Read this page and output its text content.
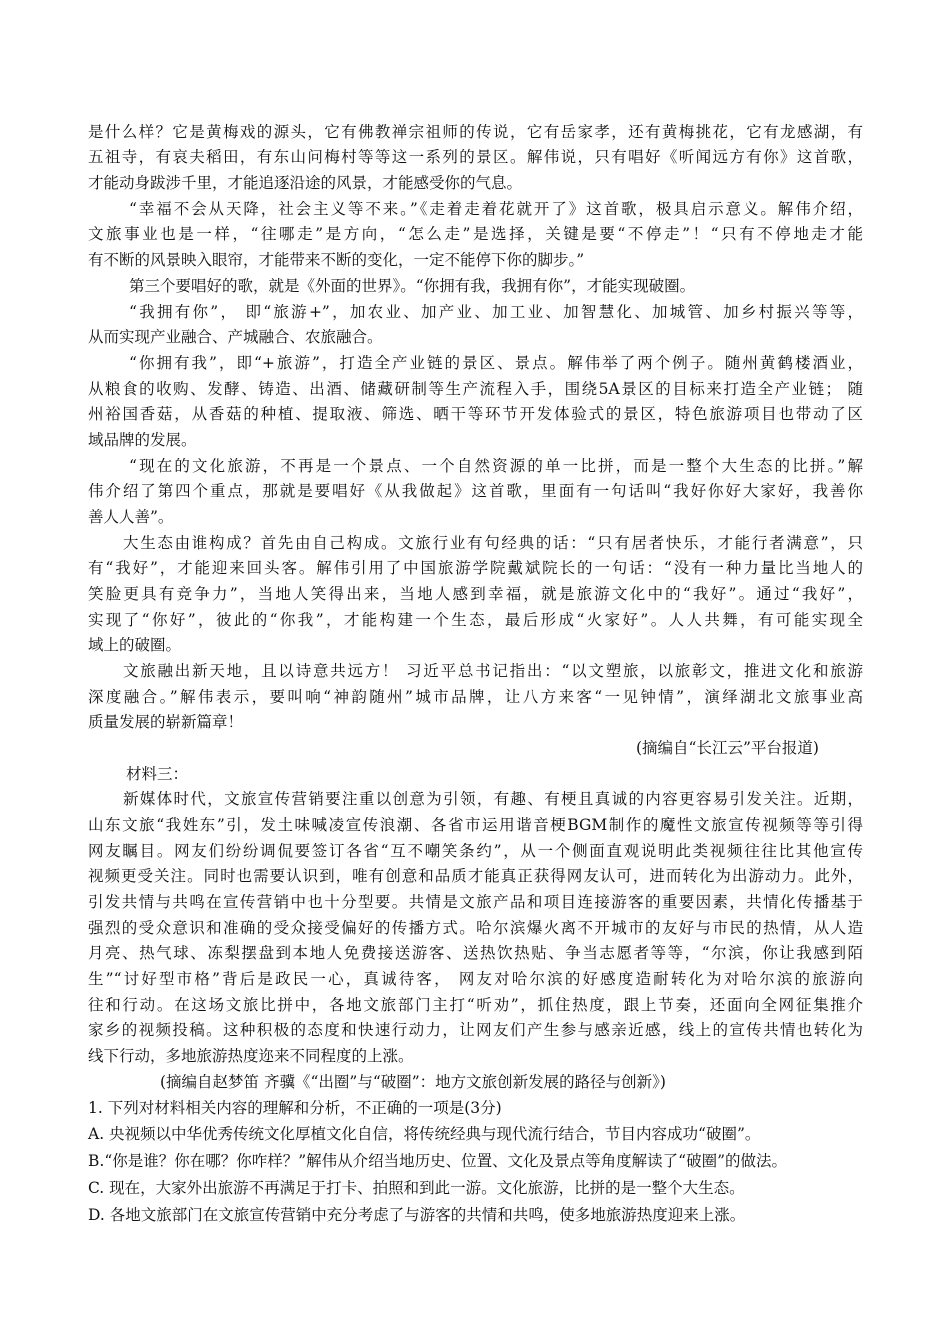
是什么样？它是黄梅戏的源头，它有佛教禅宗祖师的传说，它有岳家孝，还有黄梅挑花，它有龙感湖，有
五祖寺，有哀夫稻田，有东山问梅村等等这一系列的景区。解伟说，只有唱好《听闻远方有你》这首歌，
才能动身跋涉千里，才能追逐沿途的风景，才能感受你的气息。
“幸福不会从天降，社会主义等不来。”《走着走着花就开了》这首歌，极具启示意义。解伟介绍，
文旅事业也是一样，“往哪走”是方向，“怎么走”是选择，关键是要“不停走”！“只有不停地走才能
有不断的风景映入眼帘，才能带来不断的变化，一定不能停下你的脚步。”
第三个要唱好的歌，就是《外面的世界》。“你拥有我，我拥有你”，才能实现破圈。
“我拥有你”， 即“旅游+”，加农业、加产业、加工业、加智慧化、加城管、加乡村振兴等等，
从而实现产业融合、产城融合、农旅融合。
“你拥有我”，即“+旅游”，打造全产业链的景区、景点。解伟举了两个例子。随州黄鹤楼酒业，
从粮食的收购、发酵、铸造、出酒、储藏研制等生产流程入手，围绕5A景区的目标来打造全产业链； 随
州裕国香菇，从香菇的种植、提取液、筛选、晒干等环节开发体验式的景区，特色旅游项目也带动了区
域品牌的发展。
“现在的文化旅游，不再是一个景点、一个自然资源的单一比拼，而是一整个大生态的比拼。”解
伟介绍了第四个重点，那就是要唱好《从我做起》这首歌，里面有一句话叫“我好你好大家好，我善你
善人人善”。
大生态由谁构成？首先由自己构成。文旅行业有句经典的话：“只有居者快乐，才能行者满意”，只
有“我好”，才能迎来回头客。解伟引用了中国旅游学院戴斌院长的一句话：“没有一种力量比当地人的
笑脸更具有竞争力”，当地人笑得出来，当地人感到幸福，就是旅游文化中的“我好”。通过“我好”，
实现了“你好”，彼此的“你我”，才能构建一个生态，最后形成“火家好”。人人共舞，有可能实现全
域上的破圈。
文旅融出新天地，且以诗意共远方！ 习近平总书记指出：“以文塑旅，以旅彰文，推进文化和旅游
深度融合。”解伟表示，要叫响“神韵随州”城市品牌，让八方来客“一见钟情”，演绎湖北文旅事业高
质量发展的崭新篇章！
(摘编自“长江云”平台报道)
材料三：
新媒体时代，文旅宣传营销要注重以创意为引领，有趣、有梗且真诚的内容更容易引发关注。近期，
山东文旅“我姓东”引，发土味喊凌宣传浪潮、各省市运用谐音梗BGM制作的魔性文旅宣传视频等等引得
网友瞩目。网友们纷纷调侃要签订各省“互不嘲笑条约”，从一个侧面直观说明此类视频往往比其他宣传
视频更受关注。同时也需要认识到，唯有创意和品质才能真正获得网友认可，进而转化为出游动力。此外，
引发共情与共鸣在宣传营销中也十分型要。共情是文旅产品和项目连接游客的重要因素，共情化传播基于
强烈的受众意识和准确的受众接受偏好的传播方式。哈尔滨爆火离不开城市的友好与市民的热情，从人造
月亮、热气球、冻梨摆盘到本地人免费接送游客、送热饮热贴、争当志愿者等等，“尔滨，你让我感到陌
生”“讨好型市格”背后是政民一心，真诚待客， 网友对哈尔滨的好感度造耐转化为对哈尔滨的旅游向
往和行动。在这场文旅比拼中，各地文旅部门主打“听劝”，抓住热度，跟上节奏，还面向全网征集推介
家乡的视频投稿。这种积极的态度和快速行动力，让网友们产生参与感亲近感，线上的宣传共情也转化为
线下行动，多地旅游热度迩来不同程度的上涨。
(摘编自赵梦笛 齐骥《“出圈”与“破圈”：地方文旅创新发展的路径与创新》)
1. 下列对材料相关内容的理解和分析，不正确的一项是(3分)
A. 央视频以中华优秀传统文化厚植文化自信，将传统经典与现代流行结合，节目内容成功“破圈”。
B.“你是谁？你在哪？你咋样？”解伟从介绍当地历史、位置、文化及景点等角度解读了“破圈”的做法。
C. 现在，大家外出旅游不再满足于打卡、拍照和到此一游。文化旅游，比拼的是一整个大生态。
D. 各地文旅部门在文旅宣传营销中充分考虑了与游客的共情和共鸣，使多地旅游热度迎来上涨。
